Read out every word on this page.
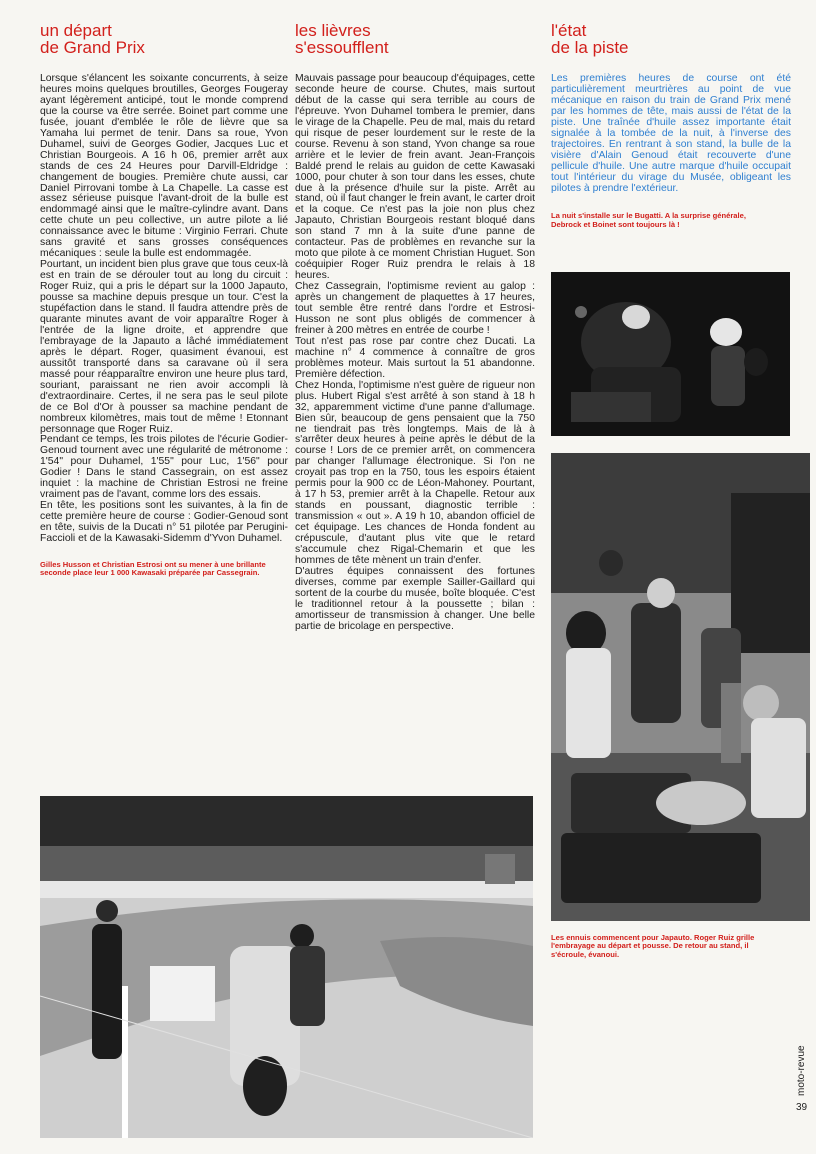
un départ
de Grand Prix

Lorsque s'élancent les soixante concurrents, à seize heures moins quelques broutilles, Georges Fougeray ayant légèrement anticipé, tout le monde comprend que la course va être serrée. Boinet part comme une fusée, jouant d'emblée le rôle de lièvre que sa Yamaha lui permet de tenir. Dans sa roue, Yvon Duhamel, suivi de Georges Godier, Jacques Luc et Christian Bourgeois. A 16 h 06, premier arrêt aux stands de ces 24 Heures pour Darvill-Eldridge : changement de bougies. Première chute aussi, car Daniel Pirrovani tombe à La Chapelle. La casse est assez sérieuse puisque l'avant-droit de la bulle est endommagé ainsi que le maître-cylindre avant. Dans cette chute un peu collective, un autre pilote a lié connaissance avec le bitume : Virginio Ferrari. Chute sans gravité et sans grosses conséquences mécaniques : seule la bulle est endommagée.

Pourtant, un incident bien plus grave que tous ceux-là est en train de se dérouler tout au long du circuit : Roger Ruiz, qui a pris le départ sur la 1000 Japauto, pousse sa machine depuis presque un tour. C'est la stupéfaction dans le stand. Il faudra attendre près de quarante minutes avant de voir apparaître Roger à l'entrée de la ligne droite, et apprendre que l'embrayage de la Japauto a lâché immédiatement après le départ. Roger, quasiment évanoui, est aussitôt transporté dans sa caravane où il sera massé pour réapparaître environ une heure plus tard, souriant, paraissant ne rien avoir accompli là d'extraordinaire. Certes, il ne sera pas le seul pilote de ce Bol d'Or à pousser sa machine pendant de nombreux kilomètres, mais tout de même ! Etonnant personnage que Roger Ruiz.

Pendant ce temps, les trois pilotes de l'écurie Godier-Genoud tournent avec une régularité de métronome : 1'54" pour Duhamel, 1'55" pour Luc, 1'56" pour Godier ! Dans le stand Cassegrain, on est assez inquiet : la machine de Christian Estrosi ne freine vraiment pas de l'avant, comme lors des essais.

En tête, les positions sont les suivantes, à la fin de cette première heure de course : Godier-Genoud sont en tête, suivis de la Ducati n° 51 pilotée par Perugini-Faccioli et de la Kawasaki-Sidemm d'Yvon Duhamel.

Gilles Husson et Christian Estrosi ont su mener à une brillante seconde place leur 1 000 Kawasaki préparée par Cassegrain.

les lièvres
s'essoufflent

Mauvais passage pour beaucoup d'équipages, cette seconde heure de course. Chutes, mais surtout début de la casse qui sera terrible au cours de l'épreuve. Yvon Duhamel tombera le premier, dans le virage de la Chapelle. Peu de mal, mais du retard qui risque de peser lourdement sur le reste de la course. Revenu à son stand, Yvon change sa roue arrière et le levier de frein avant. Jean-François Baldé prend le relais au guidon de cette Kawasaki 1000, pour chuter à son tour dans les esses, chute due à la présence d'huile sur la piste. Arrêt au stand, où il faut changer le frein avant, le carter droit et la coque. Ce n'est pas la joie non plus chez Japauto, Christian Bourgeois restant bloqué dans son stand 7 mn à la suite d'une panne de contacteur. Pas de problèmes en revanche sur la moto que pilote à ce moment Christian Huguet. Son coéquipier Roger Ruiz prendra le relais à 18 heures.

Chez Cassegrain, l'optimisme revient au galop : après un changement de plaquettes à 17 heures, tout semble être rentré dans l'ordre et Estrosi-Husson ne sont plus obligés de commencer à freiner à 200 mètres en entrée de courbe !

Tout n'est pas rose par contre chez Ducati. La machine n° 4 commence à connaître de gros problèmes moteur. Mais surtout la 51 abandonne. Première défection.

Chez Honda, l'optimisme n'est guère de rigueur non plus. Hubert Rigal s'est arrêté à son stand à 18 h 32, apparemment victime d'une panne d'allumage. Bien sûr, beaucoup de gens pensaient que la 750 ne tiendrait pas très longtemps. Mais de là à s'arrêter deux heures à peine après le début de la course ! Lors de ce premier arrêt, on commencera par changer l'allumage électronique. Si l'on ne croyait pas trop en la 750, tous les espoirs étaient permis pour la 900 cc de Léon-Mahoney. Pourtant, à 17 h 53, premier arrêt à la Chapelle. Retour aux stands en poussant, diagnostic terrible : transmission « out ». A 19 h 10, abandon officiel de cet équipage. Les chances de Honda fondent au crépuscule, d'autant plus vite que le retard s'accumule chez Rigal-Chemarin et que les hommes de tête mènent un train d'enfer.

D'autres équipes connaissent des fortunes diverses, comme par exemple Sailler-Gaillard qui sortent de la courbe du musée, boîte bloquée. C'est le traditionnel retour à la poussette ; bilan : amortisseur de transmission à changer. Une belle partie de bricolage en perspective.

l'état
de la piste

Les premières heures de course ont été particulièrement meurtrières au point de vue mécanique en raison du train de Grand Prix mené par les hommes de tête, mais aussi de l'état de la piste. Une traînée d'huile assez importante était signalée à la tombée de la nuit, à l'inverse des trajectoires. En rentrant à son stand, la bulle de la visière d'Alain Genoud était recouverte d'une pellicule d'huile. Une autre marque d'huile occupait tout l'intérieur du virage du Musée, obligeant les pilotes à prendre l'extérieur.

La nuit s'installe sur le Bugatti. A la surprise générale, Debrock et Boinet sont toujours là !

Les ennuis commencent pour Japauto. Roger Ruiz grille l'embrayage au départ et pousse. De retour au stand, il s'écroule, évanoui.

moto-revue
39
